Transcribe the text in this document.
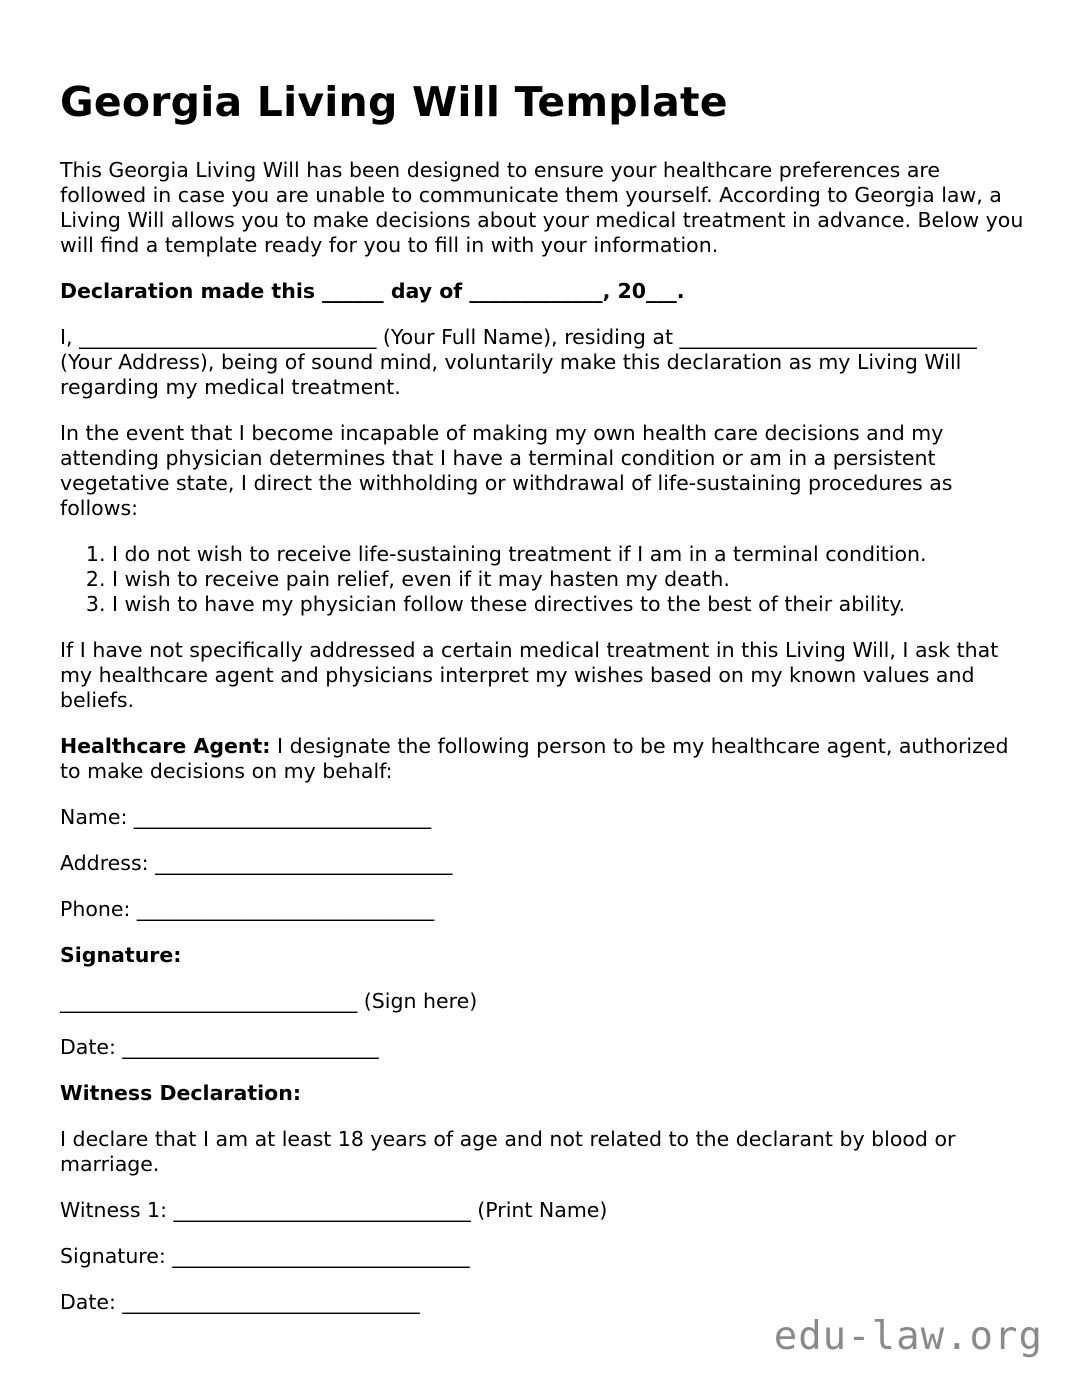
Georgia Living Will Template

This Georgia Living Will has been designed to ensure your healthcare preferences are followed in case you are unable to communicate them yourself. According to Georgia law, a Living Will allows you to make decisions about your medical treatment in advance. Below you will find a template ready for you to fill in with your information.

Declaration made this ______ day of _____________, 20___.

I, _____________________________ (Your Full Name), residing at _____________________________ (Your Address), being of sound mind, voluntarily make this declaration as my Living Will regarding my medical treatment.

In the event that I become incapable of making my own health care decisions and my attending physician determines that I have a terminal condition or am in a persistent vegetative state, I direct the withholding or withdrawal of life-sustaining procedures as follows:

1. I do not wish to receive life-sustaining treatment if I am in a terminal condition.
2. I wish to receive pain relief, even if it may hasten my death.
3. I wish to have my physician follow these directives to the best of their ability.

If I have not specifically addressed a certain medical treatment in this Living Will, I ask that my healthcare agent and physicians interpret my wishes based on my known values and beliefs.

Healthcare Agent: I designate the following person to be my healthcare agent, authorized to make decisions on my behalf:

Name: _____________________________

Address: _____________________________

Phone: _____________________________

Signature:

_____________________________ (Sign here)

Date: _________________________

Witness Declaration:

I declare that I am at least 18 years of age and not related to the declarant by blood or marriage.

Witness 1: _____________________________ (Print Name)

Signature: _____________________________

Date: _____________________________

edu-law.org
